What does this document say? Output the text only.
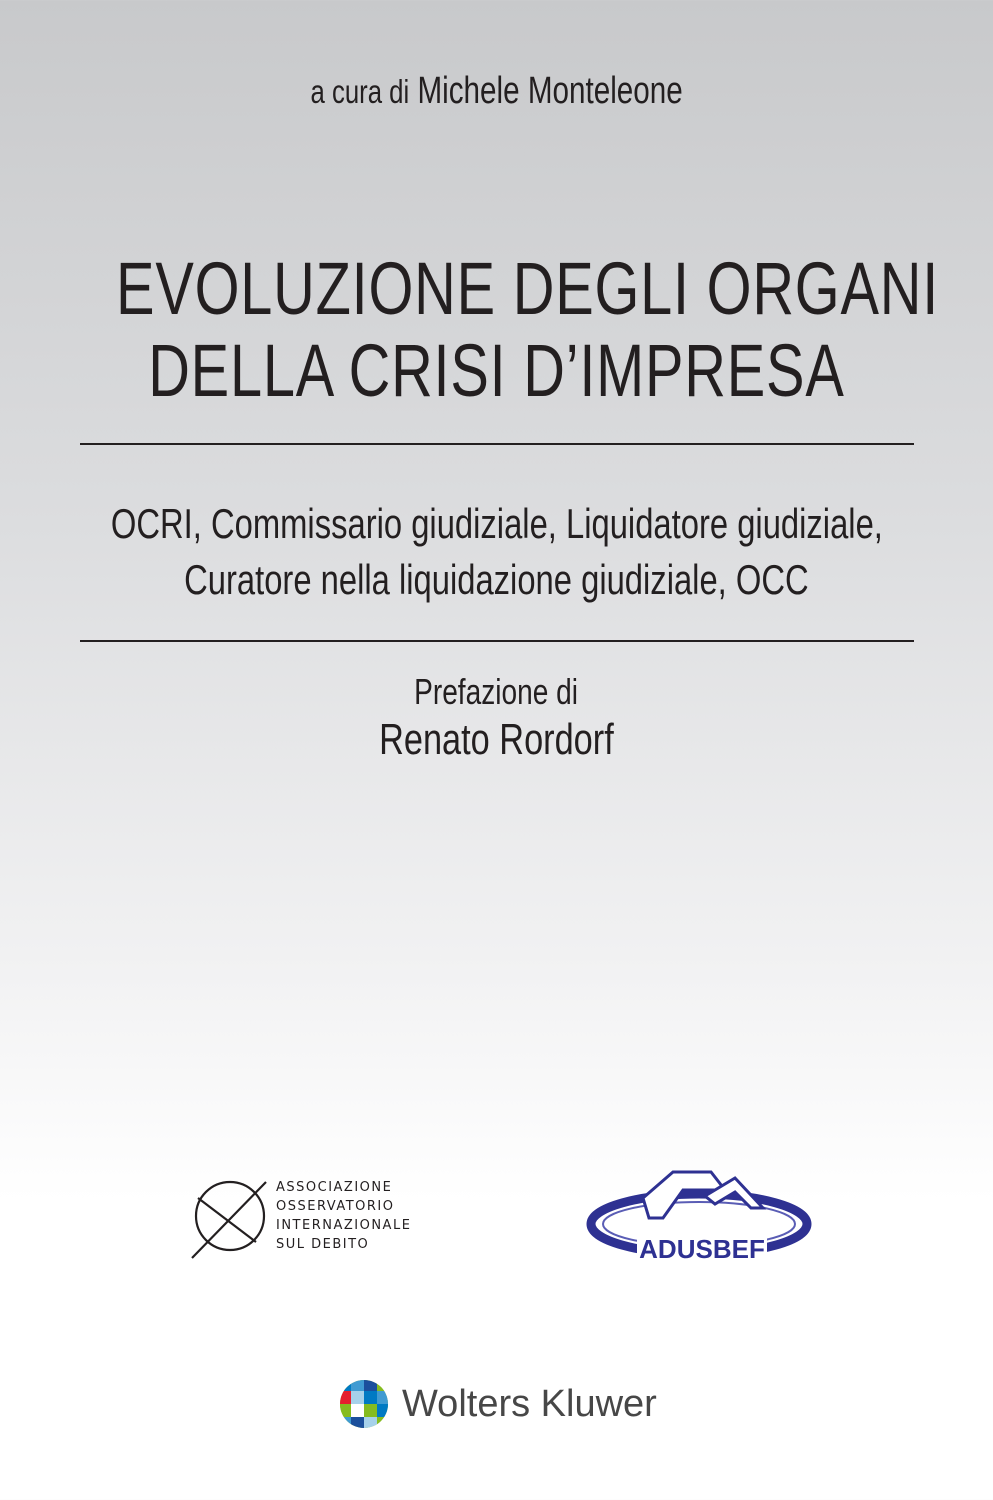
a cura di Michele Monteleone
EVOLUZIONE DEGLI ORGANI
DELLA CRISI D’IMPRESA
OCRI, Commissario giudiziale, Liquidatore giudiziale,
Curatore nella liquidazione giudiziale, OCC
Prefazione di
Renato Rordorf
ASSOCIAZIONE
OSSERVATORIO
INTERNAZIONALE
SUL DEBITO	ADUSBEF
Wolters Kluwer
